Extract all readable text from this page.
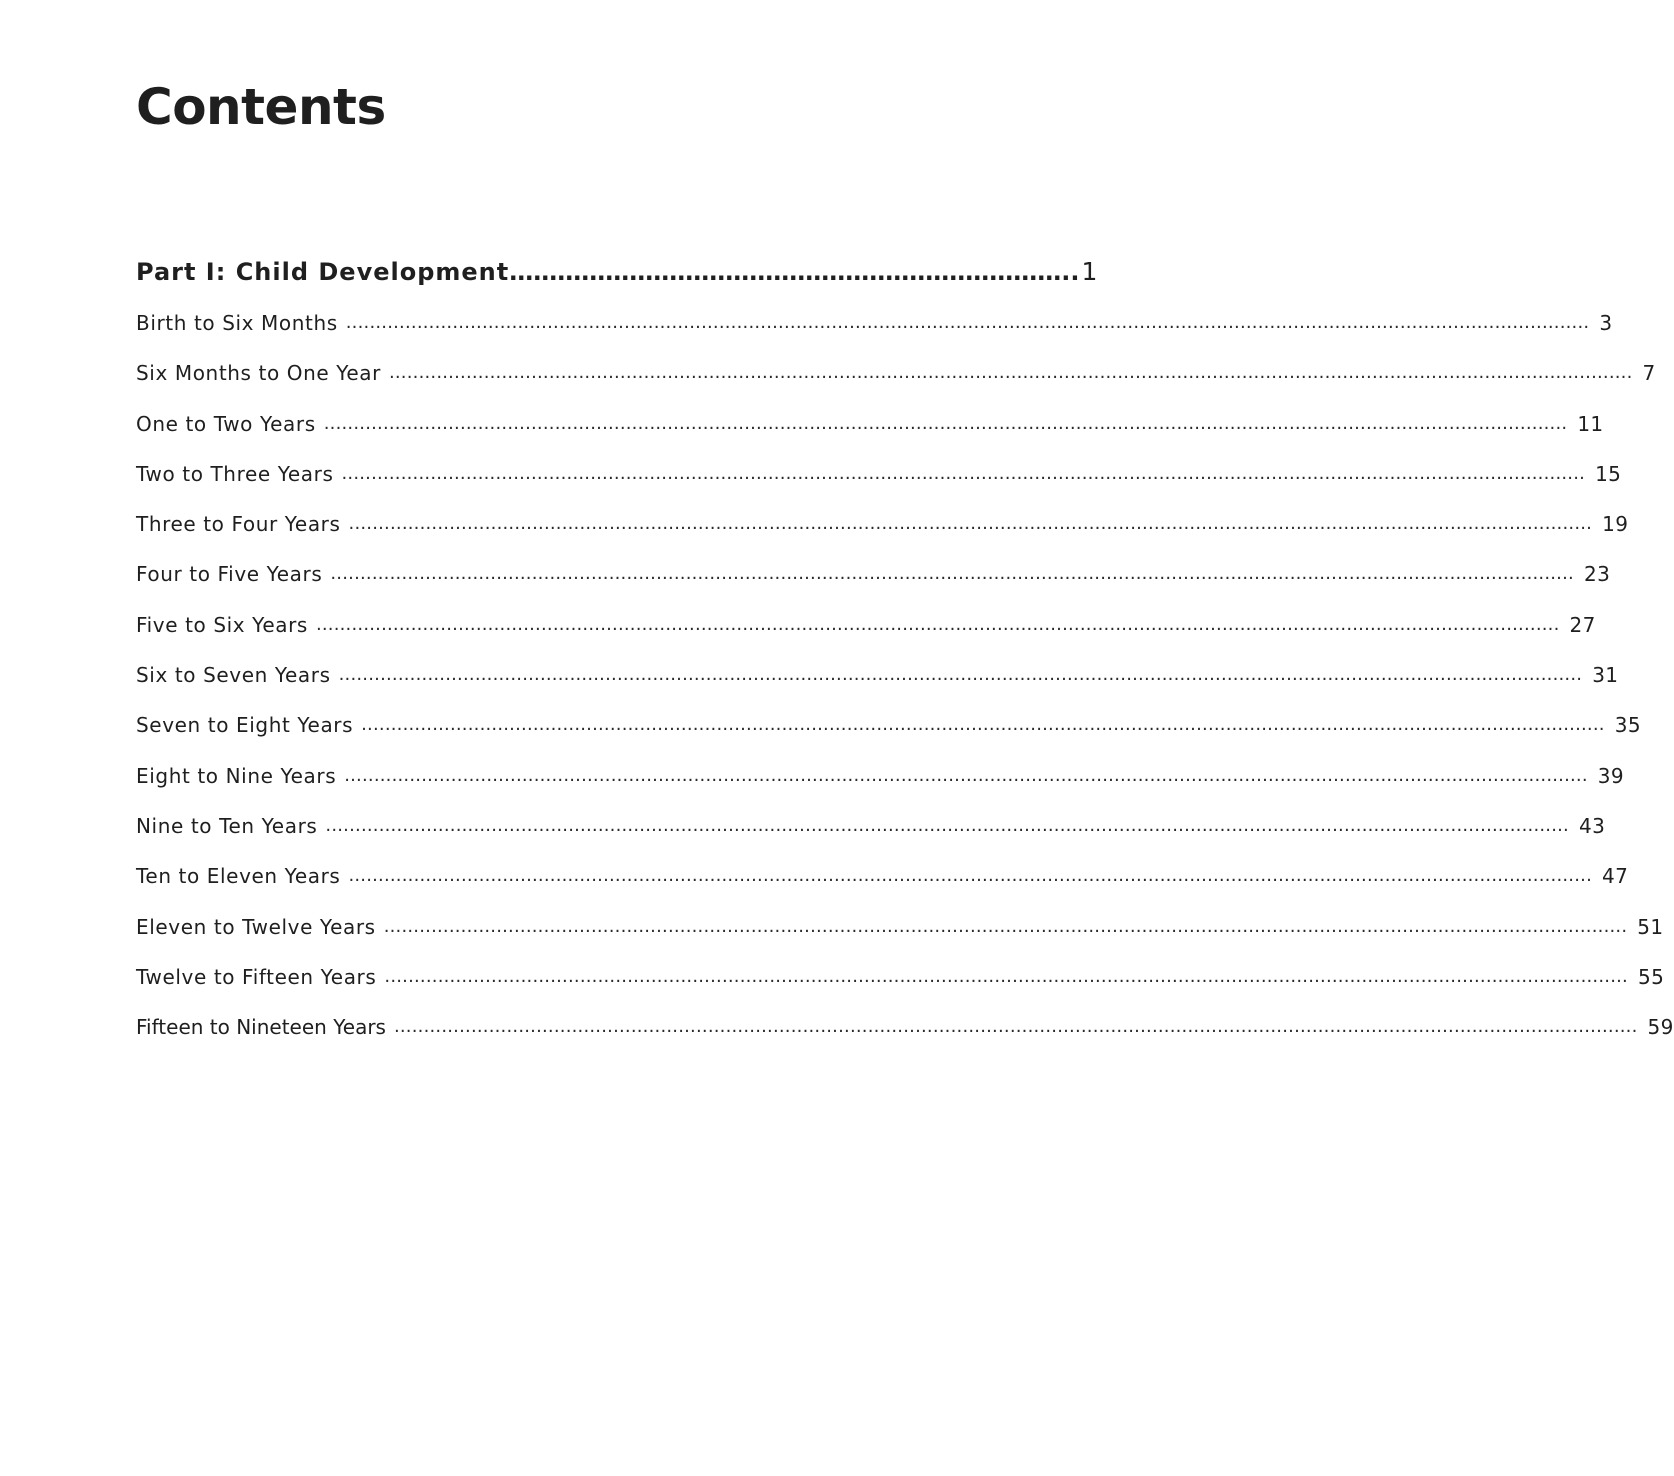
Contents
Part I: Child Development …………………………………………………………….. 1
Birth to Six Months .................................................................................................................................................................................................................. 3
Six Months to One Year .................................................................................................................................................................................................................. 7
One to Two Years .................................................................................................................................................................................................................. 11
Two to Three Years .................................................................................................................................................................................................................. 15
Three to Four Years .................................................................................................................................................................................................................. 19
Four to Five Years .................................................................................................................................................................................................................. 23
Five to Six Years .................................................................................................................................................................................................................. 27
Six to Seven Years .................................................................................................................................................................................................................. 31
Seven to Eight Years .................................................................................................................................................................................................................. 35
Eight to Nine Years .................................................................................................................................................................................................................. 39
Nine to Ten Years .................................................................................................................................................................................................................. 43
Ten to Eleven Years .................................................................................................................................................................................................................. 47
Eleven to Twelve Years .................................................................................................................................................................................................................. 51
Twelve to Fifteen Years .................................................................................................................................................................................................................. 55
Fifteen to Nineteen Years .................................................................................................................................................................................................................. 59
